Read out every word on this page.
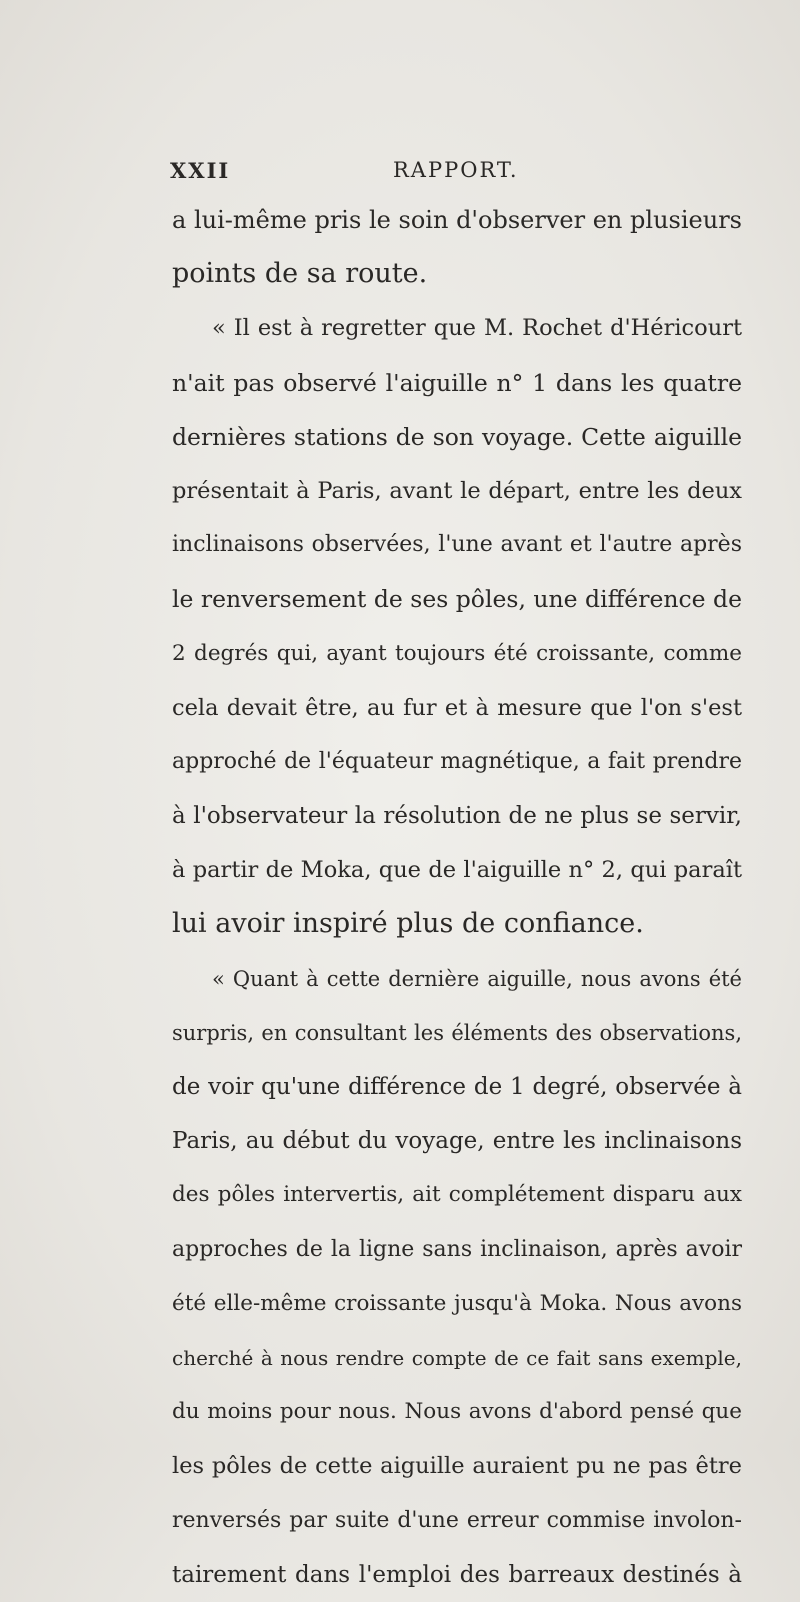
XXII	RAPPORT.
a lui-même pris le soin d'observer en plusieurs
points de sa route.
« Il est à regretter que M. Rochet d'Héricourt
n'ait pas observé l'aiguille n° 1 dans les quatre
dernières stations de son voyage. Cette aiguille
présentait à Paris, avant le départ, entre les deux
inclinaisons observées, l'une avant et l'autre après
le renversement de ses pôles, une différence de
2 degrés qui, ayant toujours été croissante, comme
cela devait être, au fur et à mesure que l'on s'est
approché de l'équateur magnétique, a fait prendre
à l'observateur la résolution de ne plus se servir,
à partir de Moka, que de l'aiguille n° 2, qui paraît
lui avoir inspiré plus de confiance.
« Quant à cette dernière aiguille, nous avons été
surpris, en consultant les éléments des observations,
de voir qu'une différence de 1 degré, observée à
Paris, au début du voyage, entre les inclinaisons
des pôles intervertis, ait complétement disparu aux
approches de la ligne sans inclinaison, après avoir
été elle-même croissante jusqu'à Moka. Nous avons
cherché à nous rendre compte de ce fait sans exemple,
du moins pour nous. Nous avons d'abord pensé que
les pôles de cette aiguille auraient pu ne pas être
renversés par suite d'une erreur commise involon-
tairement dans l'emploi des barreaux destinés à
